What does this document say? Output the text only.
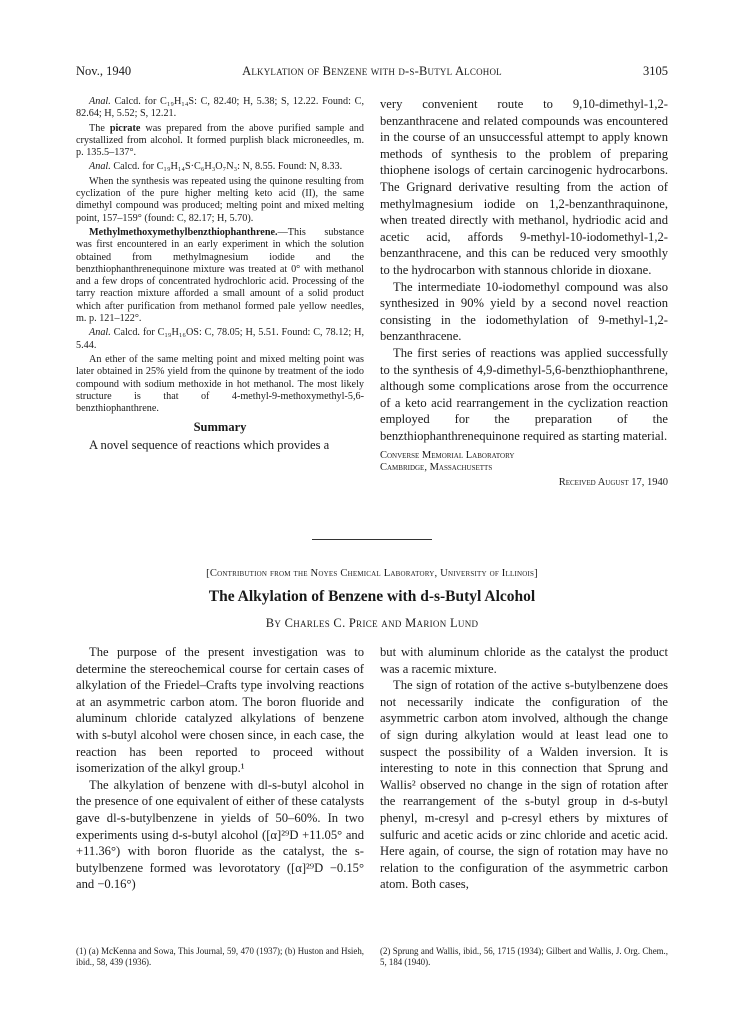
Nov., 1940	Alkylation of Benzene with d-s-Butyl Alcohol	3105

Anal. Calcd. for C₁₉H₁₄S: C, 82.40; H, 5.38; S, 12.22. Found: C, 82.64; H, 5.52; S, 12.21.

The picrate was prepared from the above purified sample and crystallized from alcohol. It formed purplish black microneedles, m. p. 135.5–137°.

Anal. Calcd. for C₁₉H₁₄S·C₆H₃O₇N₃: N, 8.55. Found: N, 8.33.

When the synthesis was repeated using the quinone resulting from cyclization of the pure higher melting keto acid (II), the same dimethyl compound was produced; melting point and mixed melting point, 157–159° (found: C, 82.17; H, 5.70).

Methylmethoxymethylbenzthiophanthrene.—This substance was first encountered in an early experiment in which the solution obtained from methylmagnesium iodide and the benzthiophanthrenequinone mixture was treated at 0° with methanol and a few drops of concentrated hydrochloric acid. Processing of the tarry reaction mixture afforded a small amount of a solid product which after purification from methanol formed pale yellow needles, m. p. 121–122°.

Anal. Calcd. for C₁₉H₁₆OS: C, 78.05; H, 5.51. Found: C, 78.12; H, 5.44.

An ether of the same melting point and mixed melting point was later obtained in 25% yield from the quinone by treatment of the iodo compound with sodium methoxide in hot methanol. The most likely structure is that of 4-methyl-9-methoxymethyl-5,6-benzthiophanthrene.

Summary

A novel sequence of reactions which provides a

very convenient route to 9,10-dimethyl-1,2-benzanthracene and related compounds was encountered in the course of an unsuccessful attempt to apply known methods of synthesis to the problem of preparing thiophene isologs of certain carcinogenic hydrocarbons. The Grignard derivative resulting from the action of methylmagnesium iodide on 1,2-benzanthraquinone, when treated directly with methanol, hydriodic acid and acetic acid, affords 9-methyl-10-iodomethyl-1,2-benzanthracene, and this can be reduced very smoothly to the hydrocarbon with stannous chloride in dioxane.

The intermediate 10-iodomethyl compound was also synthesized in 90% yield by a second novel reaction consisting in the iodomethylation of 9-methyl-1,2-benzanthracene.

The first series of reactions was applied successfully to the synthesis of 4,9-dimethyl-5,6-benzthiophanthrene, although some complications arose from the occurrence of a keto acid rearrangement in the cyclization reaction employed for the preparation of the benzthiophanthrenequinone required as starting material.

Converse Memorial Laboratory
Cambridge, Massachusetts
Received August 17, 1940
[Contribution from the Noyes Chemical Laboratory, University of Illinois]
The Alkylation of Benzene with d-s-Butyl Alcohol
By Charles C. Price and Marion Lund

The purpose of the present investigation was to determine the stereochemical course for certain cases of alkylation of the Friedel–Crafts type involving reactions at an asymmetric carbon atom. The boron fluoride and aluminum chloride catalyzed alkylations of benzene with s-butyl alcohol were chosen since, in each case, the reaction has been reported to proceed without isomerization of the alkyl group.¹

The alkylation of benzene with dl-s-butyl alcohol in the presence of one equivalent of either of these catalysts gave dl-s-butylbenzene in yields of 50–60%. In two experiments using d-s-butyl alcohol ([α]²⁹D +11.05° and +11.36°) with boron fluoride as the catalyst, the s-butylbenzene formed was levorotatory ([α]²⁹D −0.15° and −0.16°)

but with aluminum chloride as the catalyst the product was a racemic mixture.

The sign of rotation of the active s-butylbenzene does not necessarily indicate the configuration of the asymmetric carbon atom involved, although the change of sign during alkylation would at least lead one to suspect the possibility of a Walden inversion. It is interesting to note in this connection that Sprung and Wallis² observed no change in the sign of rotation after the rearrangement of the s-butyl group in d-s-butyl phenyl, m-cresyl and p-cresyl ethers by mixtures of sulfuric and acetic acids or zinc chloride and acetic acid. Here again, of course, the sign of rotation may have no relation to the configuration of the asymmetric carbon atom. Both cases,

(1) (a) McKenna and Sowa, This Journal, 59, 470 (1937); (b) Huston and Hsieh, ibid., 58, 439 (1936).
(2) Sprung and Wallis, ibid., 56, 1715 (1934); Gilbert and Wallis, J. Org. Chem., 5, 184 (1940).
